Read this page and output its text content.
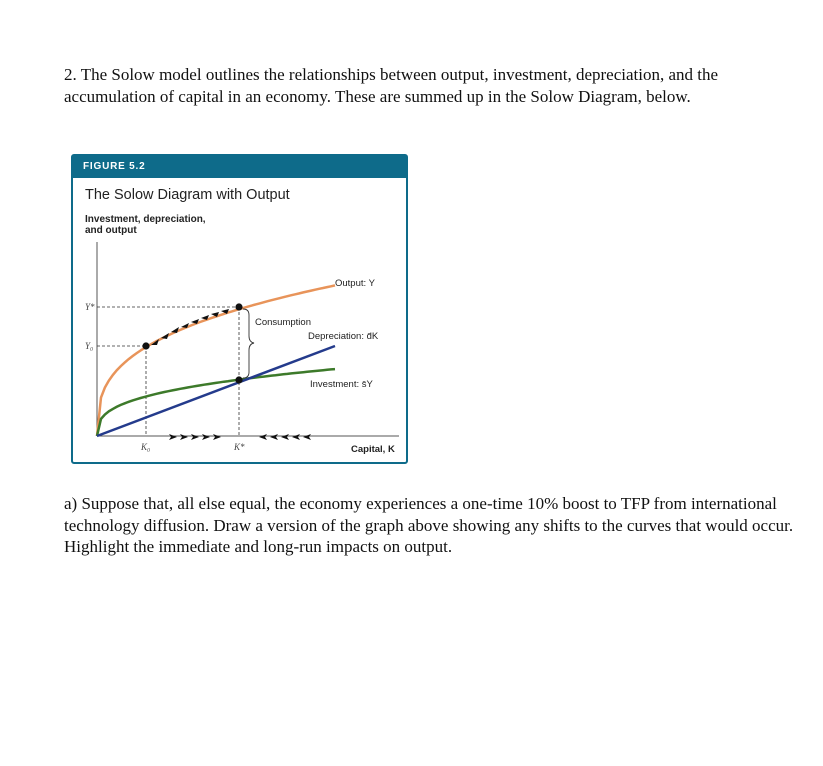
2. The Solow model outlines the relationships between output, investment, depreciation, and the accumulation of capital in an economy. These are summed up in the Solow Diagram, below.

FIGURE 5.2
The Solow Diagram with Output
Investment, depreciation,
and output
Output: Y
Depreciation: d̄K
Investment: s̄Y
Consumption
Y*
Y₀
K₀	K*	Capital, K

a) Suppose that, all else equal, the economy experiences a one-time 10% boost to TFP from international technology diffusion. Draw a version of the graph above showing any shifts to the curves that would occur. Highlight the immediate and long-run impacts on output.
